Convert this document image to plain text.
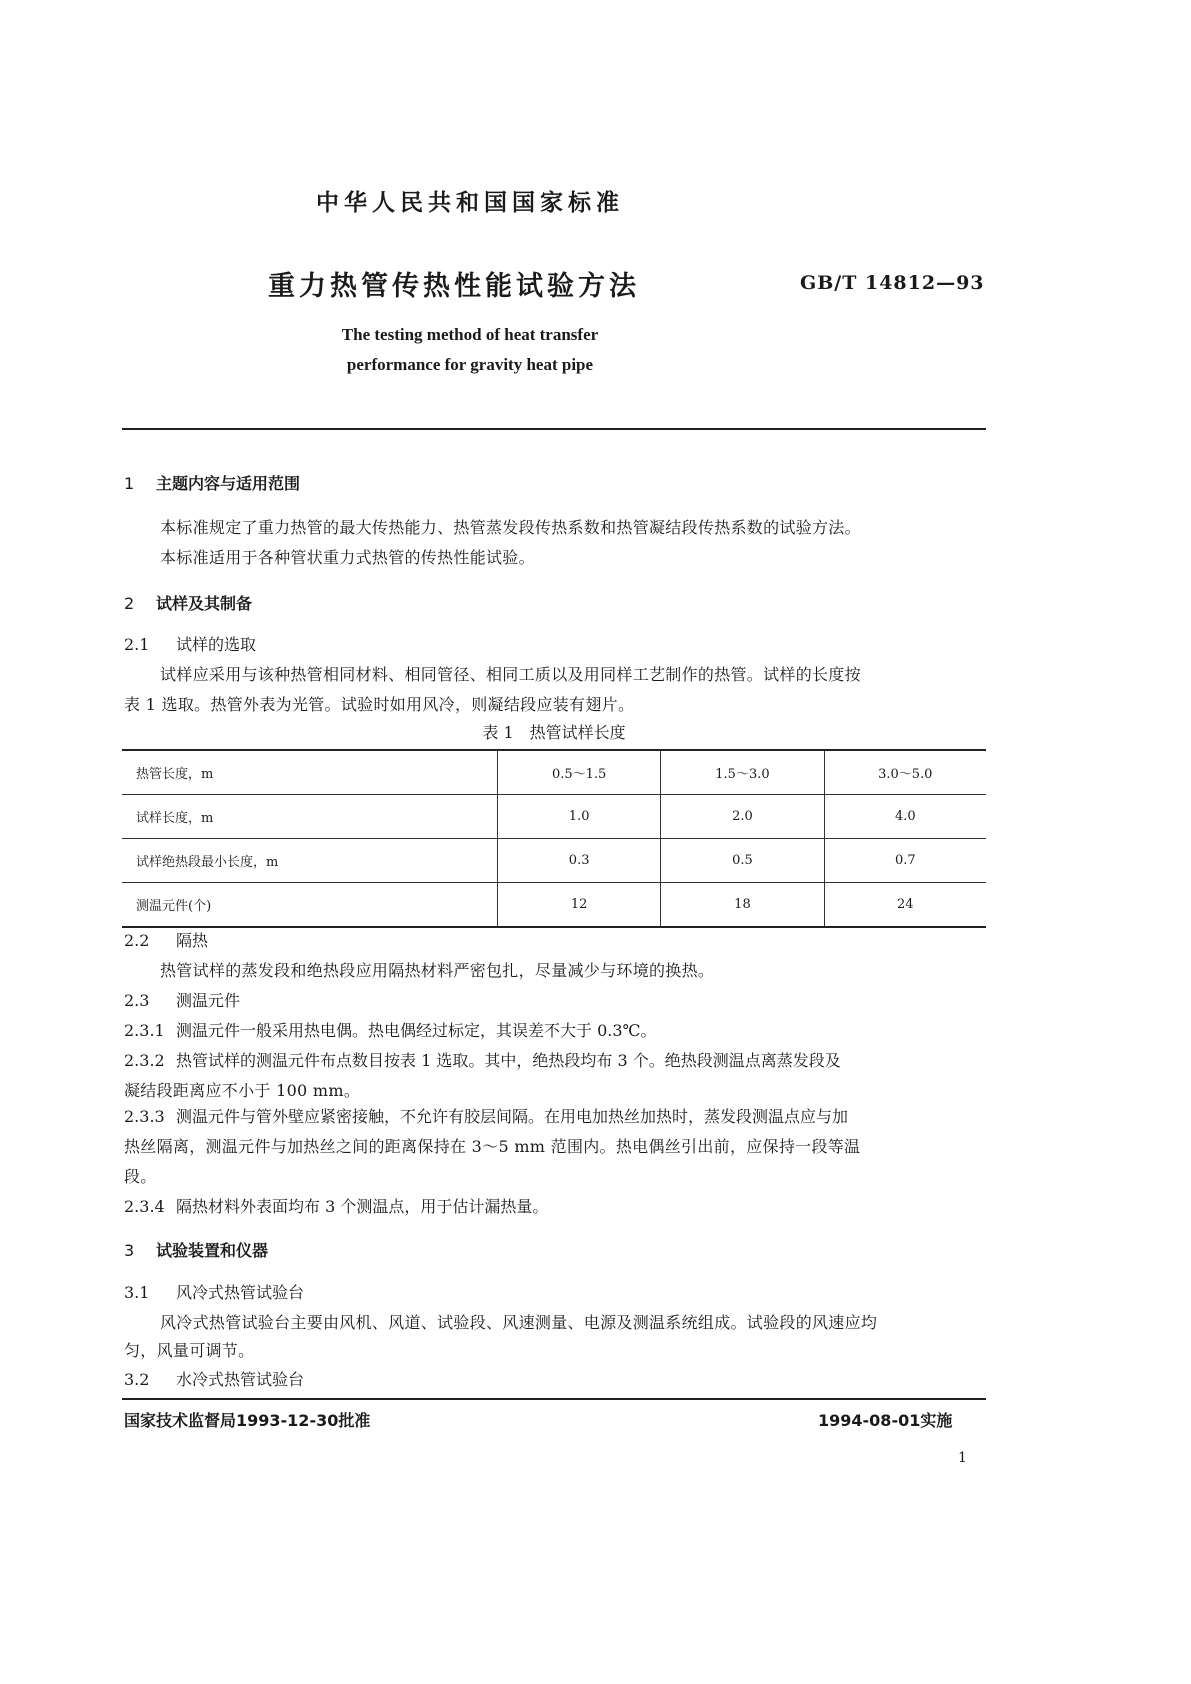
中华人民共和国国家标准
重力热管传热性能试验方法	GB/T 14812—93
The testing method of heat transfer
performance for gravity heat pipe
1 主题内容与适用范围
本标准规定了重力热管的最大传热能力、热管蒸发段传热系数和热管凝结段传热系数的试验方法。
本标准适用于各种管状重力式热管的传热性能试验。
2 试样及其制备
2.1 试样的选取
试样应采用与该种热管相同材料、相同管径、相同工质以及用同样工艺制作的热管。试样的长度按
表 1 选取。热管外表为光管。试验时如用风冷，则凝结段应装有翅片。
表 1　热管试样长度
热管长度，m	0.5～1.5	1.5～3.0	3.0～5.0
试样长度，m	1.0	2.0	4.0
试样绝热段最小长度，m	0.3	0.5	0.7
测温元件(个)	12	18	24
2.2 隔热
热管试样的蒸发段和绝热段应用隔热材料严密包扎，尽量减少与环境的换热。
2.3 测温元件
2.3.1 测温元件一般采用热电偶。热电偶经过标定，其误差不大于 0.3℃。
2.3.2 热管试样的测温元件布点数目按表 1 选取。其中，绝热段均布 3 个。绝热段测温点离蒸发段及
凝结段距离应不小于 100 mm。
2.3.3 测温元件与管外壁应紧密接触，不允许有胶层间隔。在用电加热丝加热时，蒸发段测温点应与加
热丝隔离，测温元件与加热丝之间的距离保持在 3～5 mm 范围内。热电偶丝引出前，应保持一段等温
段。
2.3.4 隔热材料外表面均布 3 个测温点，用于估计漏热量。
3 试验装置和仪器
3.1 风冷式热管试验台
风冷式热管试验台主要由风机、风道、试验段、风速测量、电源及测温系统组成。试验段的风速应均
匀，风量可调节。
3.2 水冷式热管试验台
国家技术监督局1993-12-30批准	1994-08-01实施
1
